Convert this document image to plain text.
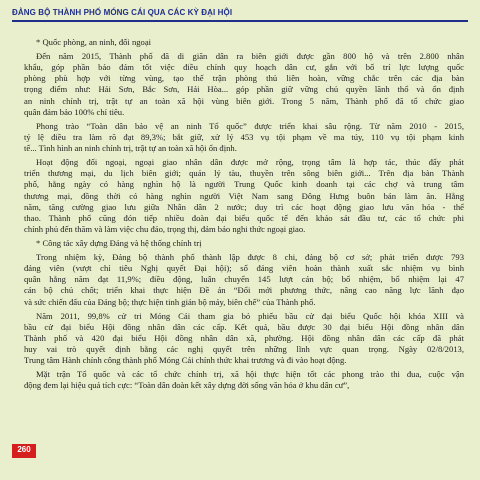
ĐẢNG BỘ THÀNH PHỐ MÓNG CÁI QUA CÁC KỲ ĐẠI HỘI
* Quốc phòng, an ninh, đối ngoại
Đến năm 2015, Thành phố đã di giãn dân ra biên giới được gần 800 hộ và trên 2.800 nhân
khẩu, góp phần bảo đảm tốt việc điều chỉnh quy hoạch dân cư, gắn với bố trí lực lượng quốc
phòng phù hợp với từng vùng, tạo thế trận phòng thủ liên hoàn, vững chắc trên các địa bàn
trọng điểm như: Hải Sơn, Bắc Sơn, Hải Hòa... góp phần giữ vững chủ quyền lãnh thổ và ổn định
an ninh chính trị, trật tự an toàn xã hội vùng biên giới. Trong 5 năm, Thành phố đã tổ chức giao
quân đảm bảo 100% chỉ tiêu.
Phong trào “Toàn dân bảo vệ an ninh Tổ quốc” được triển khai sâu rộng. Từ năm 2010 - 2015,
tỷ lệ điều tra làm rõ đạt 89,3%; bắt giữ, xử lý 453 vụ tội phạm về ma túy, 110 vụ tội phạm kinh
tế... Tình hình an ninh chính trị, trật tự an toàn xã hội ổn định.
Hoạt động đối ngoại, ngoại giao nhân dân được mở rộng, trọng tâm là hợp tác, thúc đẩy phát
triển thương mại, du lịch biên giới; quản lý tàu, thuyền trên sông biên giới... Trên địa bàn Thành
phố, hằng ngày có hàng nghìn hộ là người Trung Quốc kinh doanh tại các chợ và trung tâm
thương mại, đồng thời có hàng nghìn người Việt Nam sang Đông Hưng buôn bán làm ăn. Hằng
năm, tăng cường giao lưu giữa Nhân dân 2 nước; duy trì các hoạt động giao lưu văn hóa - thể
thao. Thành phố cũng đón tiếp nhiều đoàn đại biểu quốc tế đến khảo sát đầu tư, các tổ chức phi
chính phủ đến thăm và làm việc chu đáo, trọng thị, đảm bảo nghi thức ngoại giao.
* Công tác xây dựng Đảng và hệ thống chính trị
Trong nhiệm kỳ, Đảng bộ thành phố thành lập được 8 chi, đảng bộ cơ sở; phát triển được 793
đảng viên (vượt chỉ tiêu Nghị quyết Đại hội); số đảng viên hoàn thành xuất sắc nhiệm vụ bình
quân hằng năm đạt 11,9%; điều động, luân chuyển 145 lượt cán bộ; bổ nhiệm, bổ nhiệm lại 47
cán bộ chủ chốt; triển khai thực hiện Đề án “Đổi mới phương thức, nâng cao năng lực lãnh đạo
và sức chiến đấu của Đảng bộ; thực hiện tinh giản bộ máy, biên chế” của Thành phố.
Năm 2011, 99,8% cử tri Móng Cái tham gia bỏ phiếu bầu cử đại biểu Quốc hội khóa XIII và
bầu cử đại biểu Hội đồng nhân dân các cấp. Kết quả, bầu được 30 đại biểu Hội đồng nhân dân
Thành phố và 420 đại biểu Hội đồng nhân dân xã, phường. Hội đồng nhân dân các cấp đã phát
huy vai trò quyết định bằng các nghị quyết trên những lĩnh vực quan trọng. Ngày 02/8/2013,
Trung tâm Hành chính công thành phố Móng Cái chính thức khai trương và đi vào hoạt động.
Mặt trận Tổ quốc và các tổ chức chính trị, xã hội thực hiện tốt các phong trào thi đua, cuộc vận
động đem lại hiệu quả tích cực: “Toàn dân đoàn kết xây dựng đời sống văn hóa ở khu dân cư”,
260
